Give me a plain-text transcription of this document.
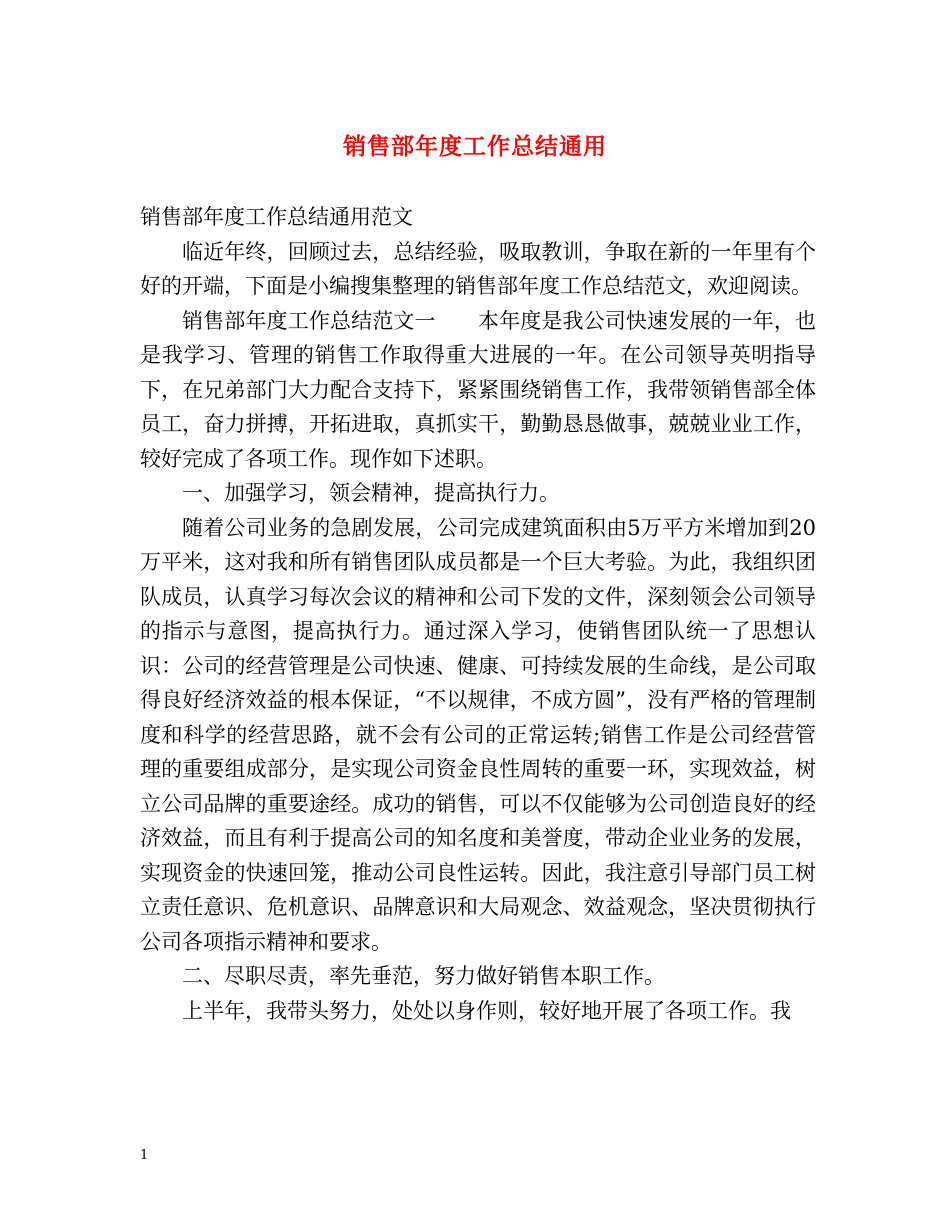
销售部年度工作总结通用

销售部年度工作总结通用范文

临近年终，回顾过去，总结经验，吸取教训，争取在新的一年里有个好的开端，下面是小编搜集整理的销售部年度工作总结范文，欢迎阅读。

销售部年度工作总结范文一　　本年度是我公司快速发展的一年，也是我学习、管理的销售工作取得重大进展的一年。在公司领导英明指导下，在兄弟部门大力配合支持下，紧紧围绕销售工作，我带领销售部全体员工，奋力拼搏，开拓进取，真抓实干，勤勤恳恳做事，兢兢业业工作，较好完成了各项工作。现作如下述职。

一、加强学习，领会精神，提高执行力。

随着公司业务的急剧发展，公司完成建筑面积由5万平方米增加到20万平米，这对我和所有销售团队成员都是一个巨大考验。为此，我组织团队成员，认真学习每次会议的精神和公司下发的文件，深刻领会公司领导的指示与意图，提高执行力。通过深入学习，使销售团队统一了思想认识：公司的经营管理是公司快速、健康、可持续发展的生命线，是公司取得良好经济效益的根本保证，“不以规律，不成方圆”，没有严格的管理制度和科学的经营思路，就不会有公司的正常运转;销售工作是公司经营管理的重要组成部分，是实现公司资金良性周转的重要一环，实现效益，树立公司品牌的重要途经。成功的销售，可以不仅能够为公司创造良好的经济效益，而且有利于提高公司的知名度和美誉度，带动企业业务的发展，实现资金的快速回笼，推动公司良性运转。因此，我注意引导部门员工树立责任意识、危机意识、品牌意识和大局观念、效益观念，坚决贯彻执行公司各项指示精神和要求。

二、尽职尽责，率先垂范，努力做好销售本职工作。

上半年，我带头努力，处处以身作则，较好地开展了各项工作。我

1
